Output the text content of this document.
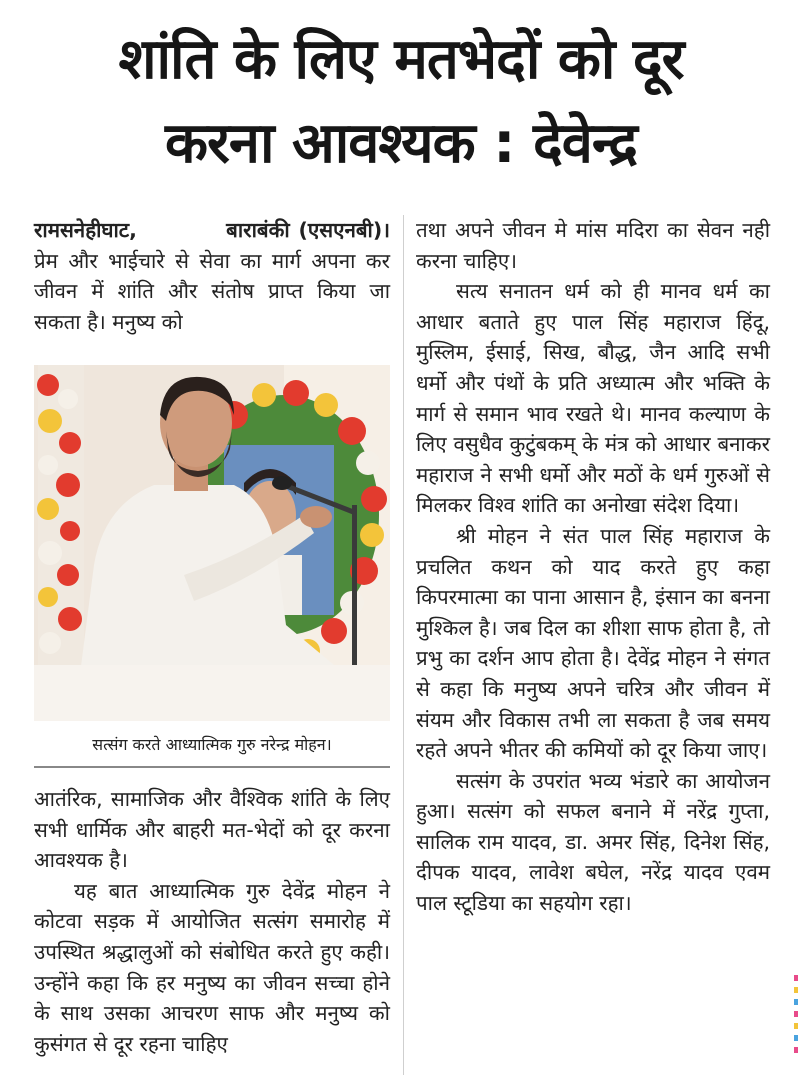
शांति के लिए मतभेदों को दूर
करना आवश्यक : देवेन्द्र

रामसनेहीघाट,          बाराबंकी (एसएनबी)। प्रेम और भाईचारे से सेवा का मार्ग अपना कर जीवन में शांति और संतोष प्राप्त किया जा सकता है। मनुष्य को

सत्संग करते आध्यात्मिक गुरु नरेन्द्र मोहन।

आतंरिक, सामाजिक और वैश्विक शांति के लिए सभी धार्मिक और बाहरी मत-भेदों को दूर करना आवश्यक है।

यह बात आध्यात्मिक गुरु देवेंद्र मोहन ने कोटवा सड़क में आयोजित सत्संग समारोह में उपस्थित श्रद्धालुओं को संबोधित करते हुए कही। उन्होंने कहा कि हर मनुष्य का जीवन सच्चा होने के साथ उसका आचरण साफ और मनुष्य को कुसंगत से दूर रहना चाहिए

तथा अपने जीवन मे मांस मदिरा का सेवन नही करना चाहिए।

सत्य सनातन धर्म को ही मानव धर्म का आधार बताते हुए पाल सिंह महाराज हिंदू, मुस्लिम, ईसाई, सिख, बौद्ध, जैन आदि सभी धर्मो और पंथों के प्रति अध्यात्म और भक्ति के मार्ग से समान भाव रखते थे। मानव कल्याण के लिए वसुधैव कुटुंबकम् के मंत्र को आधार बनाकर महाराज ने सभी धर्मो और मठों के धर्म गुरुओं से मिलकर विश्व शांति का अनोखा संदेश दिया।

श्री मोहन ने संत पाल सिंह महाराज के प्रचलित कथन को याद करते हुए कहा किपरमात्मा का पाना आसान है, इंसान का बनना मुश्किल है। जब दिल का शीशा साफ होता है, तो प्रभु का दर्शन आप होता है। देवेंद्र मोहन ने संगत से कहा कि मनुष्य अपने चरित्र और जीवन में संयम और विकास तभी ला सकता है जब समय रहते अपने भीतर की कमियों को दूर किया जाए।

सत्संग के उपरांत भव्य भंडारे का आयोजन हुआ। सत्संग को सफल बनाने में नरेंद्र गुप्ता, सालिक राम यादव, डा. अमर सिंह, दिनेश सिंह, दीपक यादव, लावेश बघेल, नरेंद्र यादव एवम पाल स्टूडिया का सहयोग रहा।
